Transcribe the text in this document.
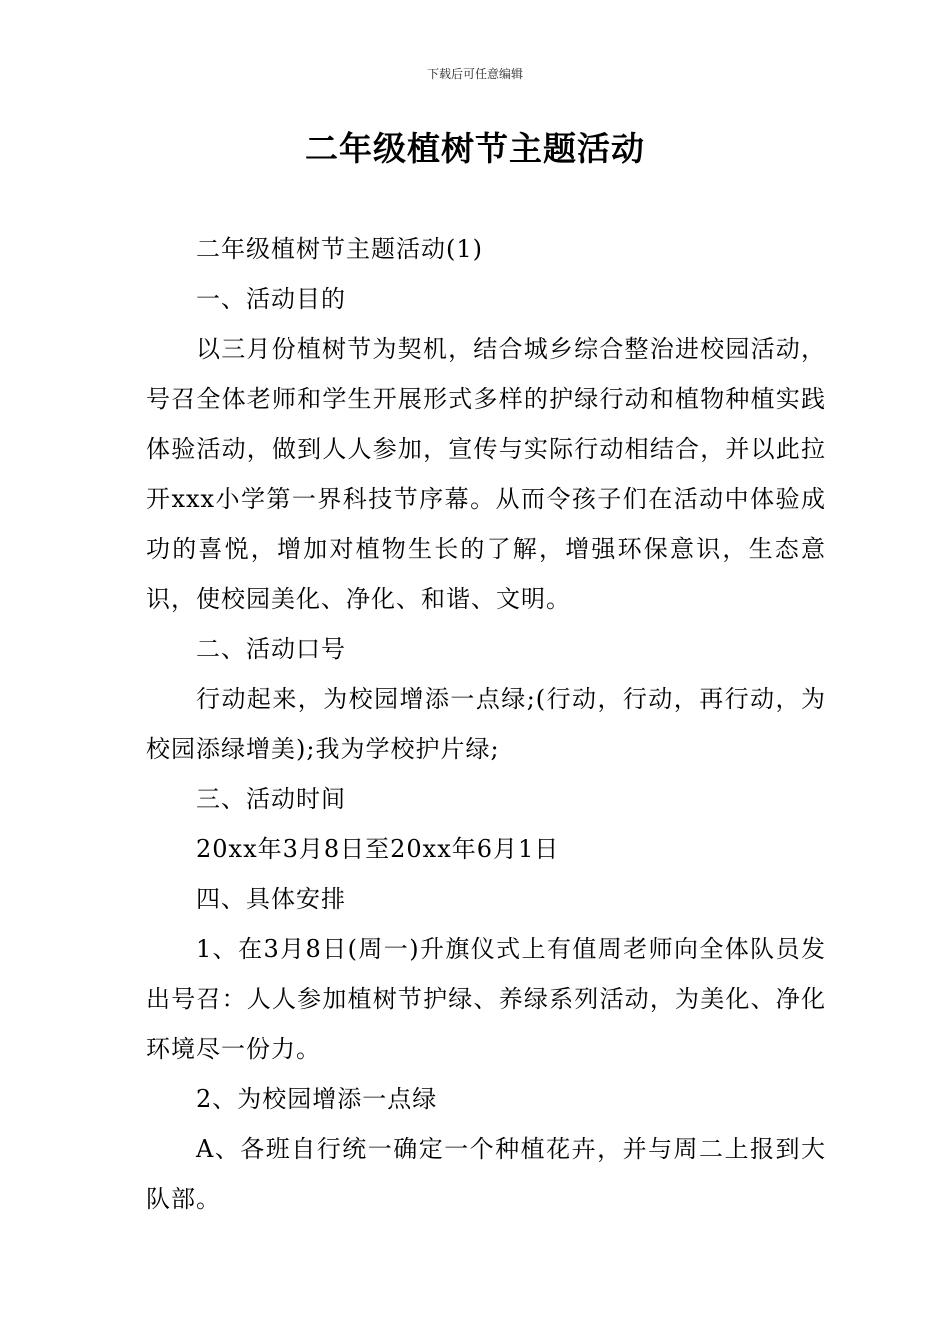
下载后可任意编辑
二年级植树节主题活动

二年级植树节主题活动(1)

一、活动目的

以三月份植树节为契机，结合城乡综合整治进校园活动，号召全体老师和学生开展形式多样的护绿行动和植物种植实践体验活动，做到人人参加，宣传与实际行动相结合，并以此拉开xxx小学第一界科技节序幕。从而令孩子们在活动中体验成功的喜悦，增加对植物生长的了解，增强环保意识，生态意识，使校园美化、净化、和谐、文明。

二、活动口号

行动起来，为校园增添一点绿;(行动，行动，再行动，为校园添绿增美);我为学校护片绿;

三、活动时间

20xx年3月8日至20xx年6月1日

四、具体安排

1、在3月8日(周一)升旗仪式上有值周老师向全体队员发出号召：人人参加植树节护绿、养绿系列活动，为美化、净化环境尽一份力。

2、为校园增添一点绿

A、各班自行统一确定一个种植花卉，并与周二上报到大队部。
